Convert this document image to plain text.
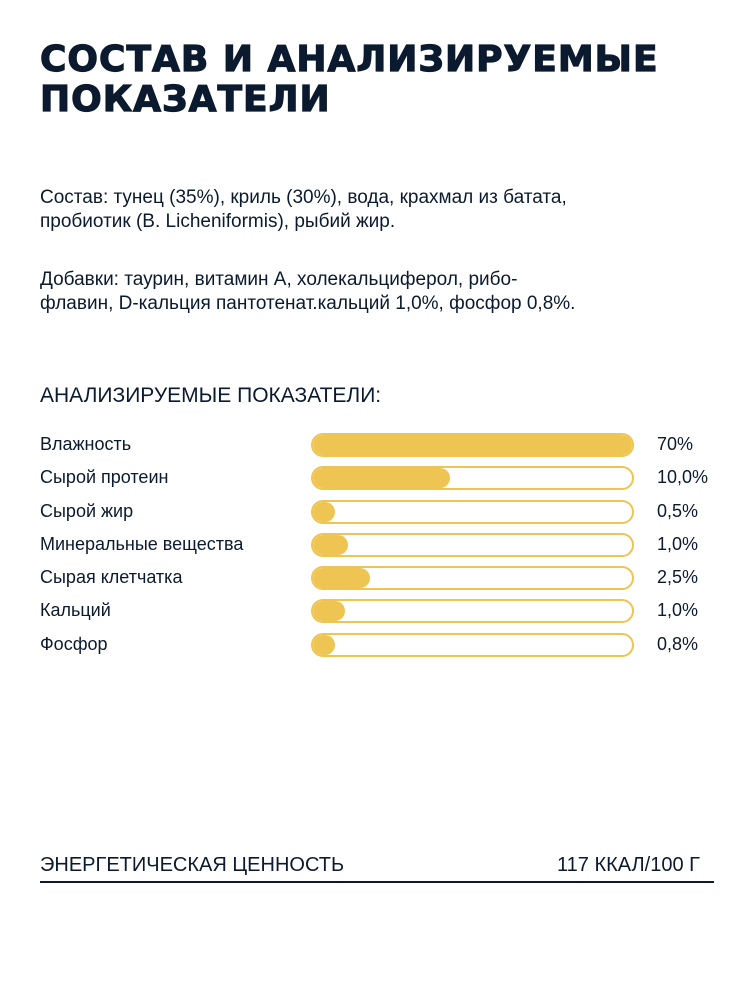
СОСТАВ И АНАЛИЗИРУЕМЫЕ ПОКАЗАТЕЛИ

Состав: тунец (35%), криль (30%), вода, крахмал из батата,
пробиотик (B. Licheniformis), рыбий жир.

Добавки: таурин, витамин А, холекальциферол, рибо-
флавин, D-кальция пантотенат.кальций 1,0%, фосфор 0,8%.

АНАЛИЗИРУЕМЫЕ ПОКАЗАТЕЛИ:
Влажность	70%
Сырой протеин	10,0%
Сырой жир	0,5%
Минеральные вещества	1,0%
Сырая клетчатка	2,5%
Кальций	1,0%
Фосфор	0,8%
ЭНЕРГЕТИЧЕСКАЯ ЦЕННОСТЬ	117 ККАЛ/100 Г
